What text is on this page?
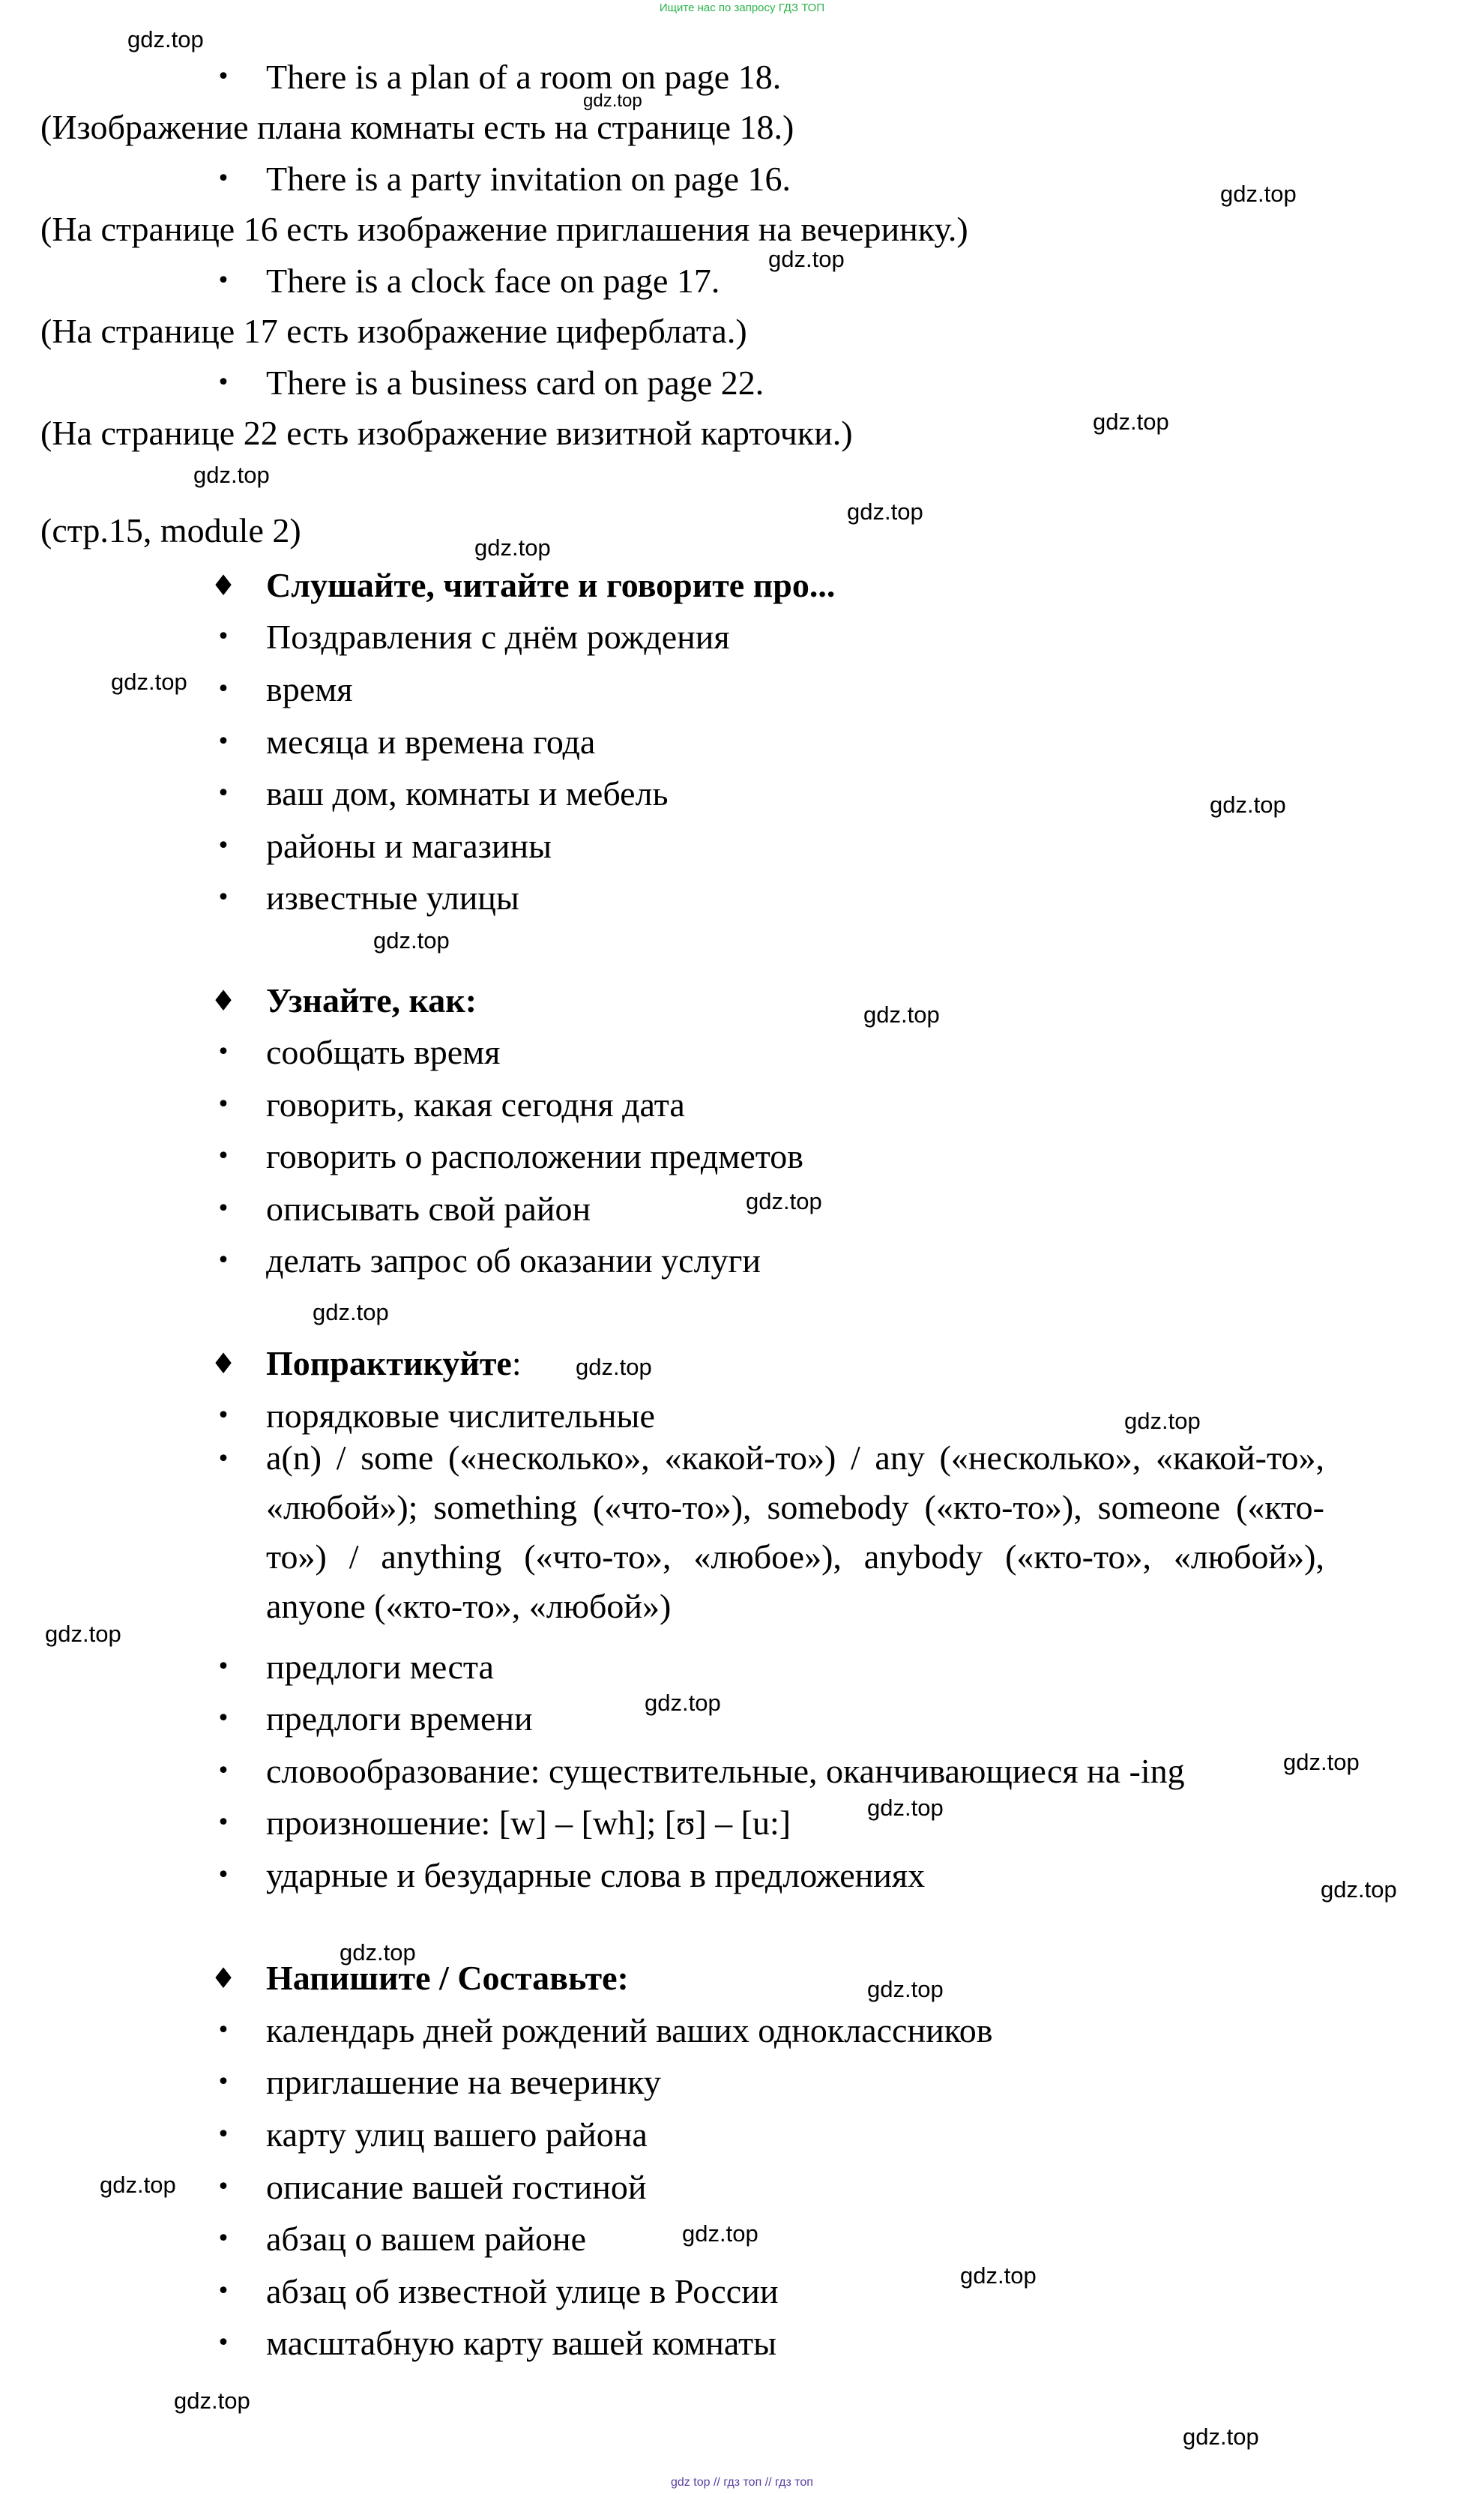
Ищите нас по запросу ГДЗ ТОП
gdz.top
gdz.top
gdz.top
gdz.top
gdz.top
gdz.top
gdz.top
gdz.top
gdz.top
gdz.top
gdz.top
gdz.top
gdz.top
gdz.top
gdz.top
gdz.top
gdz.top
gdz.top
gdz.top
gdz.top
gdz.top
gdz.top
gdz.top
gdz.top
gdz.top
gdz.top
gdz.top
gdz.top
•	There is a plan of a room on page 18.
(Изображение плана комнаты есть на странице 18.)
•	There is a party invitation on page 16.
(На странице 16 есть изображение приглашения на вечеринку.)
•	There is a clock face on page 17.
(На странице 17 есть изображение циферблата.)
•	There is a business card on page 22.
(На странице 22 есть изображение визитной карточки.)
(стр.15, module 2)
♦ Слушайте, читайте и говорите про...
•	Поздравления с днём рождения
•	время
•	месяца и времена года
•	ваш дом, комнаты и мебель
•	районы и магазины
•	известные улицы
♦ Узнайте, как:
•	сообщать время
•	говорить, какая сегодня дата
•	говорить о расположении предметов
•	описывать свой район
•	делать запрос об оказании услуги
♦ Попрактикуйте:
•	порядковые числительные
•	a(n) / some («несколько», «какой-то») / any («несколько», «какой-то», «любой»); something («что-то»), somebody («кто-то»), someone («кто-то») / anything («что-то», «любое»), anybody («кто-то», «любой»), anyone («кто-то», «любой»)
•	предлоги места
•	предлоги времени
•	словообразование: существительные, оканчивающиеся на -ing
•	произношение: [w] – [wh]; [ʊ] – [u:]
•	ударные и безударные слова в предложениях
♦ Напишите / Составьте:
•	календарь дней рождений ваших одноклассников
•	приглашение на вечеринку
•	карту улиц вашего района
•	описание вашей гостиной
•	абзац о вашем районе
•	абзац об известной улице в России
•	масштабную карту вашей комнаты
gdz top // гдз топ // гдз топ
